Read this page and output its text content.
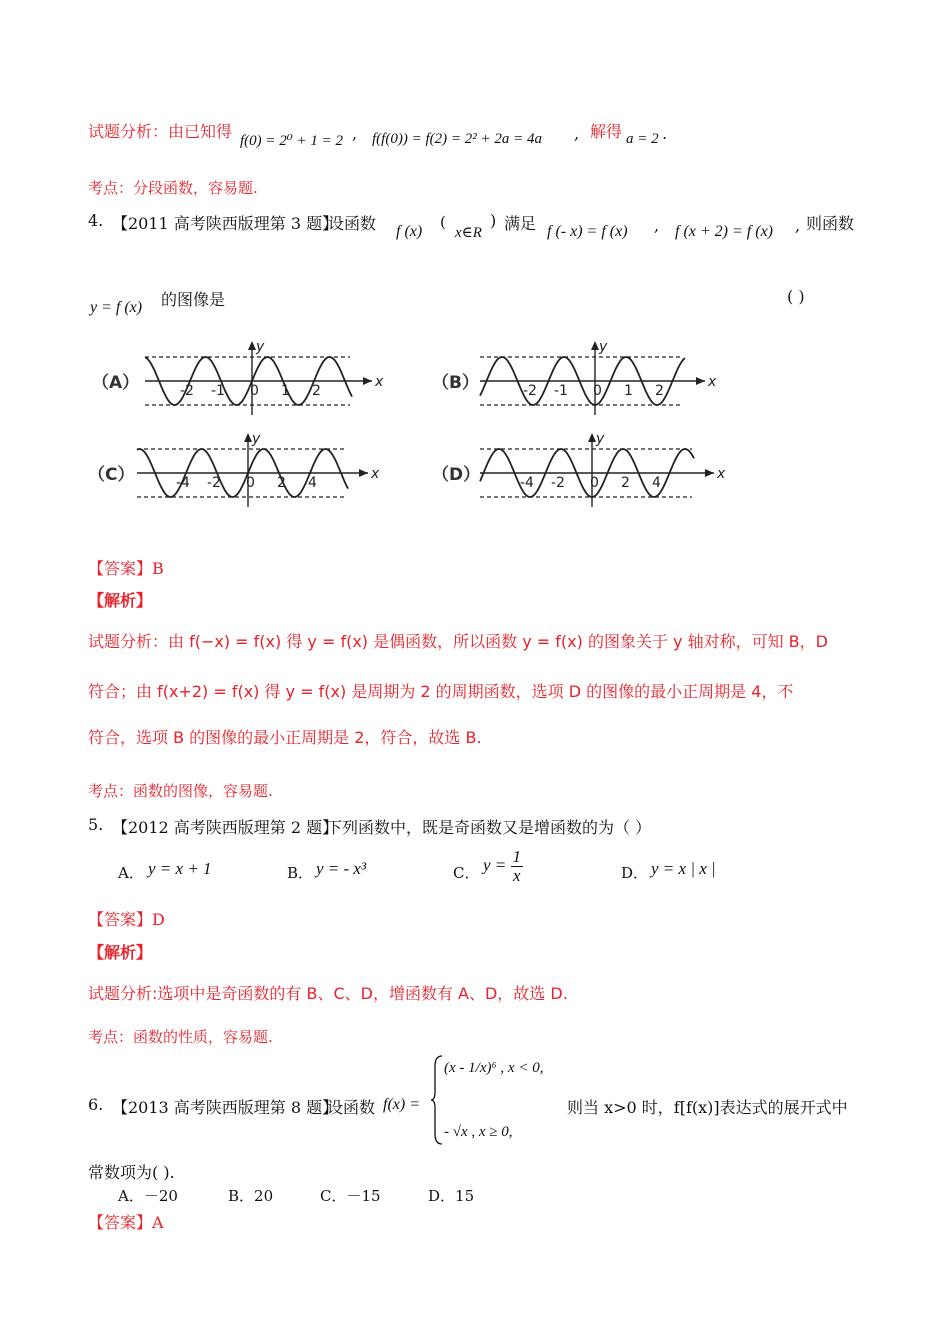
试题分析：由已知得 f(0) = 2⁰ + 1 = 2 , f(f(0)) = f(2) = 2² + 2a = 4a , 解得 a = 2 .
考点：分段函数，容易题.
4. 【2011 高考陕西版理第 3 题】
设函数 f (x)
(
x∈R
) 满足 f (- x) = f (x) , f (x + 2) = f (x) , 则函数
y = f (x) 的图像是	( )
（A）	x
y
-2 -1 0 1 2	（B）	x
y
-2 -1 0 1 2
（C）	x
y
-4 -2 0 2 4	（D）	x
y
-4 -2 0 2 4
【答案】B
【解析】
试题分析：由 f(−x) = f(x) 得 y = f(x) 是偶函数，所以函数 y = f(x) 的图象关于 y 轴对称，可知 B，D
符合；由 f(x+2) = f(x) 得 y = f(x) 是周期为 2 的周期函数，选项 D 的图像的最小正周期是 4，不
符合，选项 B 的图像的最小正周期是 2，符合，故选 B.
考点：函数的图像，容易题.
5. 【2012 高考陕西版理第 2 题】
下列函数中，既是奇函数又是增函数的为（ ）
A． y = x + 1	B． y = - x³	C． $y = \frac{1}{x}$	D． y = x | x |
【答案】D
【解析】
试题分析:选项中是奇函数的有 B、C、D，增函数有 A、D，故选 D.
考点：函数的性质，容易题.
6. 【2013 高考陕西版理第 8 题】
设函数 f(x) =
(x - 1/x)⁶ , x < 0,
- √x , x ≥ 0,
则当 x>0 时，f[f(x)]表达式的展开式中
常数项为( ).
A．－20	B．20	C．－15	D．15
【答案】A
